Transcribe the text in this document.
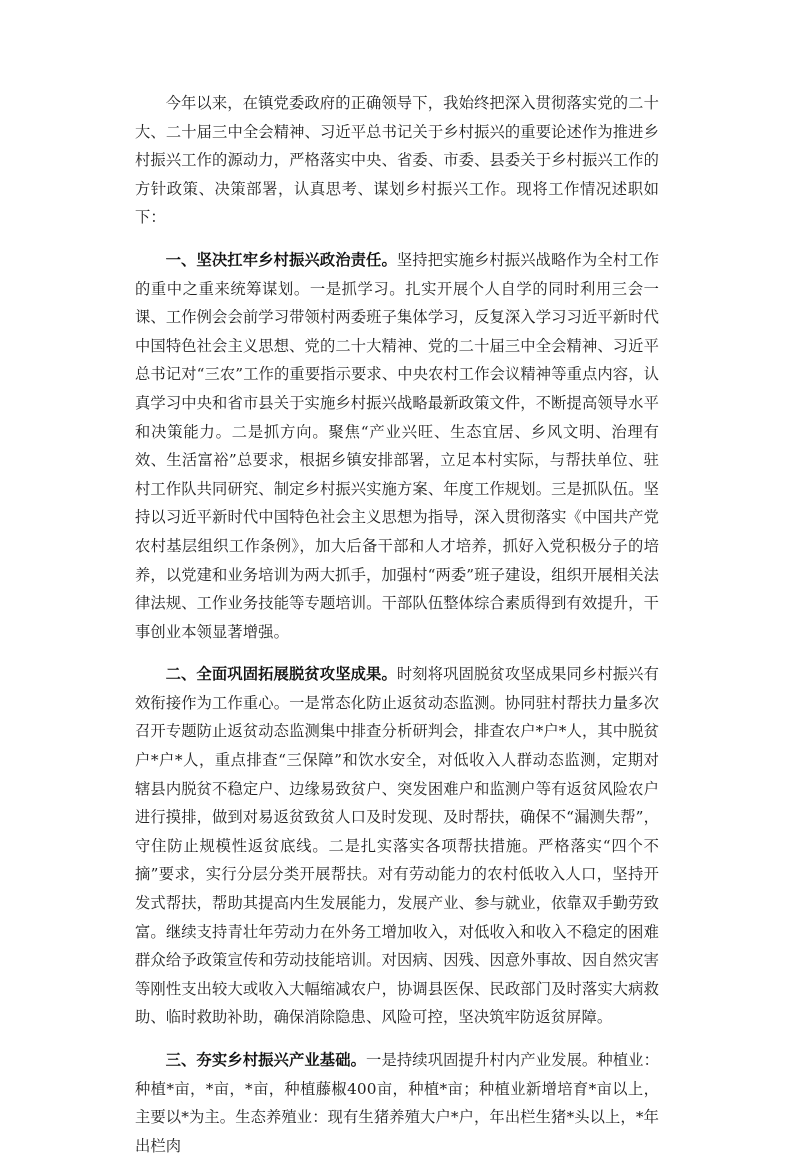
今年以来，在镇党委政府的正确领导下，我始终把深入贯彻落实党的二十大、二十届三中全会精神、习近平总书记关于乡村振兴的重要论述作为推进乡村振兴工作的源动力，严格落实中央、省委、市委、县委关于乡村振兴工作的方针政策、决策部署，认真思考、谋划乡村振兴工作。现将工作情况述职如下：

一、坚决扛牢乡村振兴政治责任。坚持把实施乡村振兴战略作为全村工作的重中之重来统筹谋划。一是抓学习。扎实开展个人自学的同时利用三会一课、工作例会会前学习带领村两委班子集体学习，反复深入学习习近平新时代中国特色社会主义思想、党的二十大精神、党的二十届三中全会精神、习近平总书记对“三农”工作的重要指示要求、中央农村工作会议精神等重点内容，认真学习中央和省市县关于实施乡村振兴战略最新政策文件，不断提高领导水平和决策能力。二是抓方向。聚焦“产业兴旺、生态宜居、乡风文明、治理有效、生活富裕”总要求，根据乡镇安排部署，立足本村实际，与帮扶单位、驻村工作队共同研究、制定乡村振兴实施方案、年度工作规划。三是抓队伍。坚持以习近平新时代中国特色社会主义思想为指导，深入贯彻落实《中国共产党农村基层组织工作条例》，加大后备干部和人才培养，抓好入党积极分子的培养，以党建和业务培训为两大抓手，加强村“两委”班子建设，组织开展相关法律法规、工作业务技能等专题培训。干部队伍整体综合素质得到有效提升，干事创业本领显著增强。

二、全面巩固拓展脱贫攻坚成果。时刻将巩固脱贫攻坚成果同乡村振兴有效衔接作为工作重心。一是常态化防止返贫动态监测。协同驻村帮扶力量多次召开专题防止返贫动态监测集中排查分析研判会，排查农户*户*人，其中脱贫户*户*人，重点排查“三保障”和饮水安全，对低收入人群动态监测，定期对辖县内脱贫不稳定户、边缘易致贫户、突发困难户和监测户等有返贫风险农户进行摸排，做到对易返贫致贫人口及时发现、及时帮扶，确保不“漏测失帮”，守住防止规模性返贫底线。二是扎实落实各项帮扶措施。严格落实“四个不摘”要求，实行分层分类开展帮扶。对有劳动能力的农村低收入人口，坚持开发式帮扶，帮助其提高内生发展能力，发展产业、参与就业，依靠双手勤劳致富。继续支持青壮年劳动力在外务工增加收入，对低收入和收入不稳定的困难群众给予政策宣传和劳动技能培训。对因病、因残、因意外事故、因自然灾害等刚性支出较大或收入大幅缩减农户，协调县医保、民政部门及时落实大病救助、临时救助补助，确保消除隐患、风险可控，坚决筑牢防返贫屏障。

三、夯实乡村振兴产业基础。一是持续巩固提升村内产业发展。种植业：种植*亩，*亩，*亩，种植藤椒400亩，种植*亩；种植业新增培育*亩以上，主要以*为主。生态养殖业：现有生猪养殖大户*户，年出栏生猪*头以上，*年出栏肉
